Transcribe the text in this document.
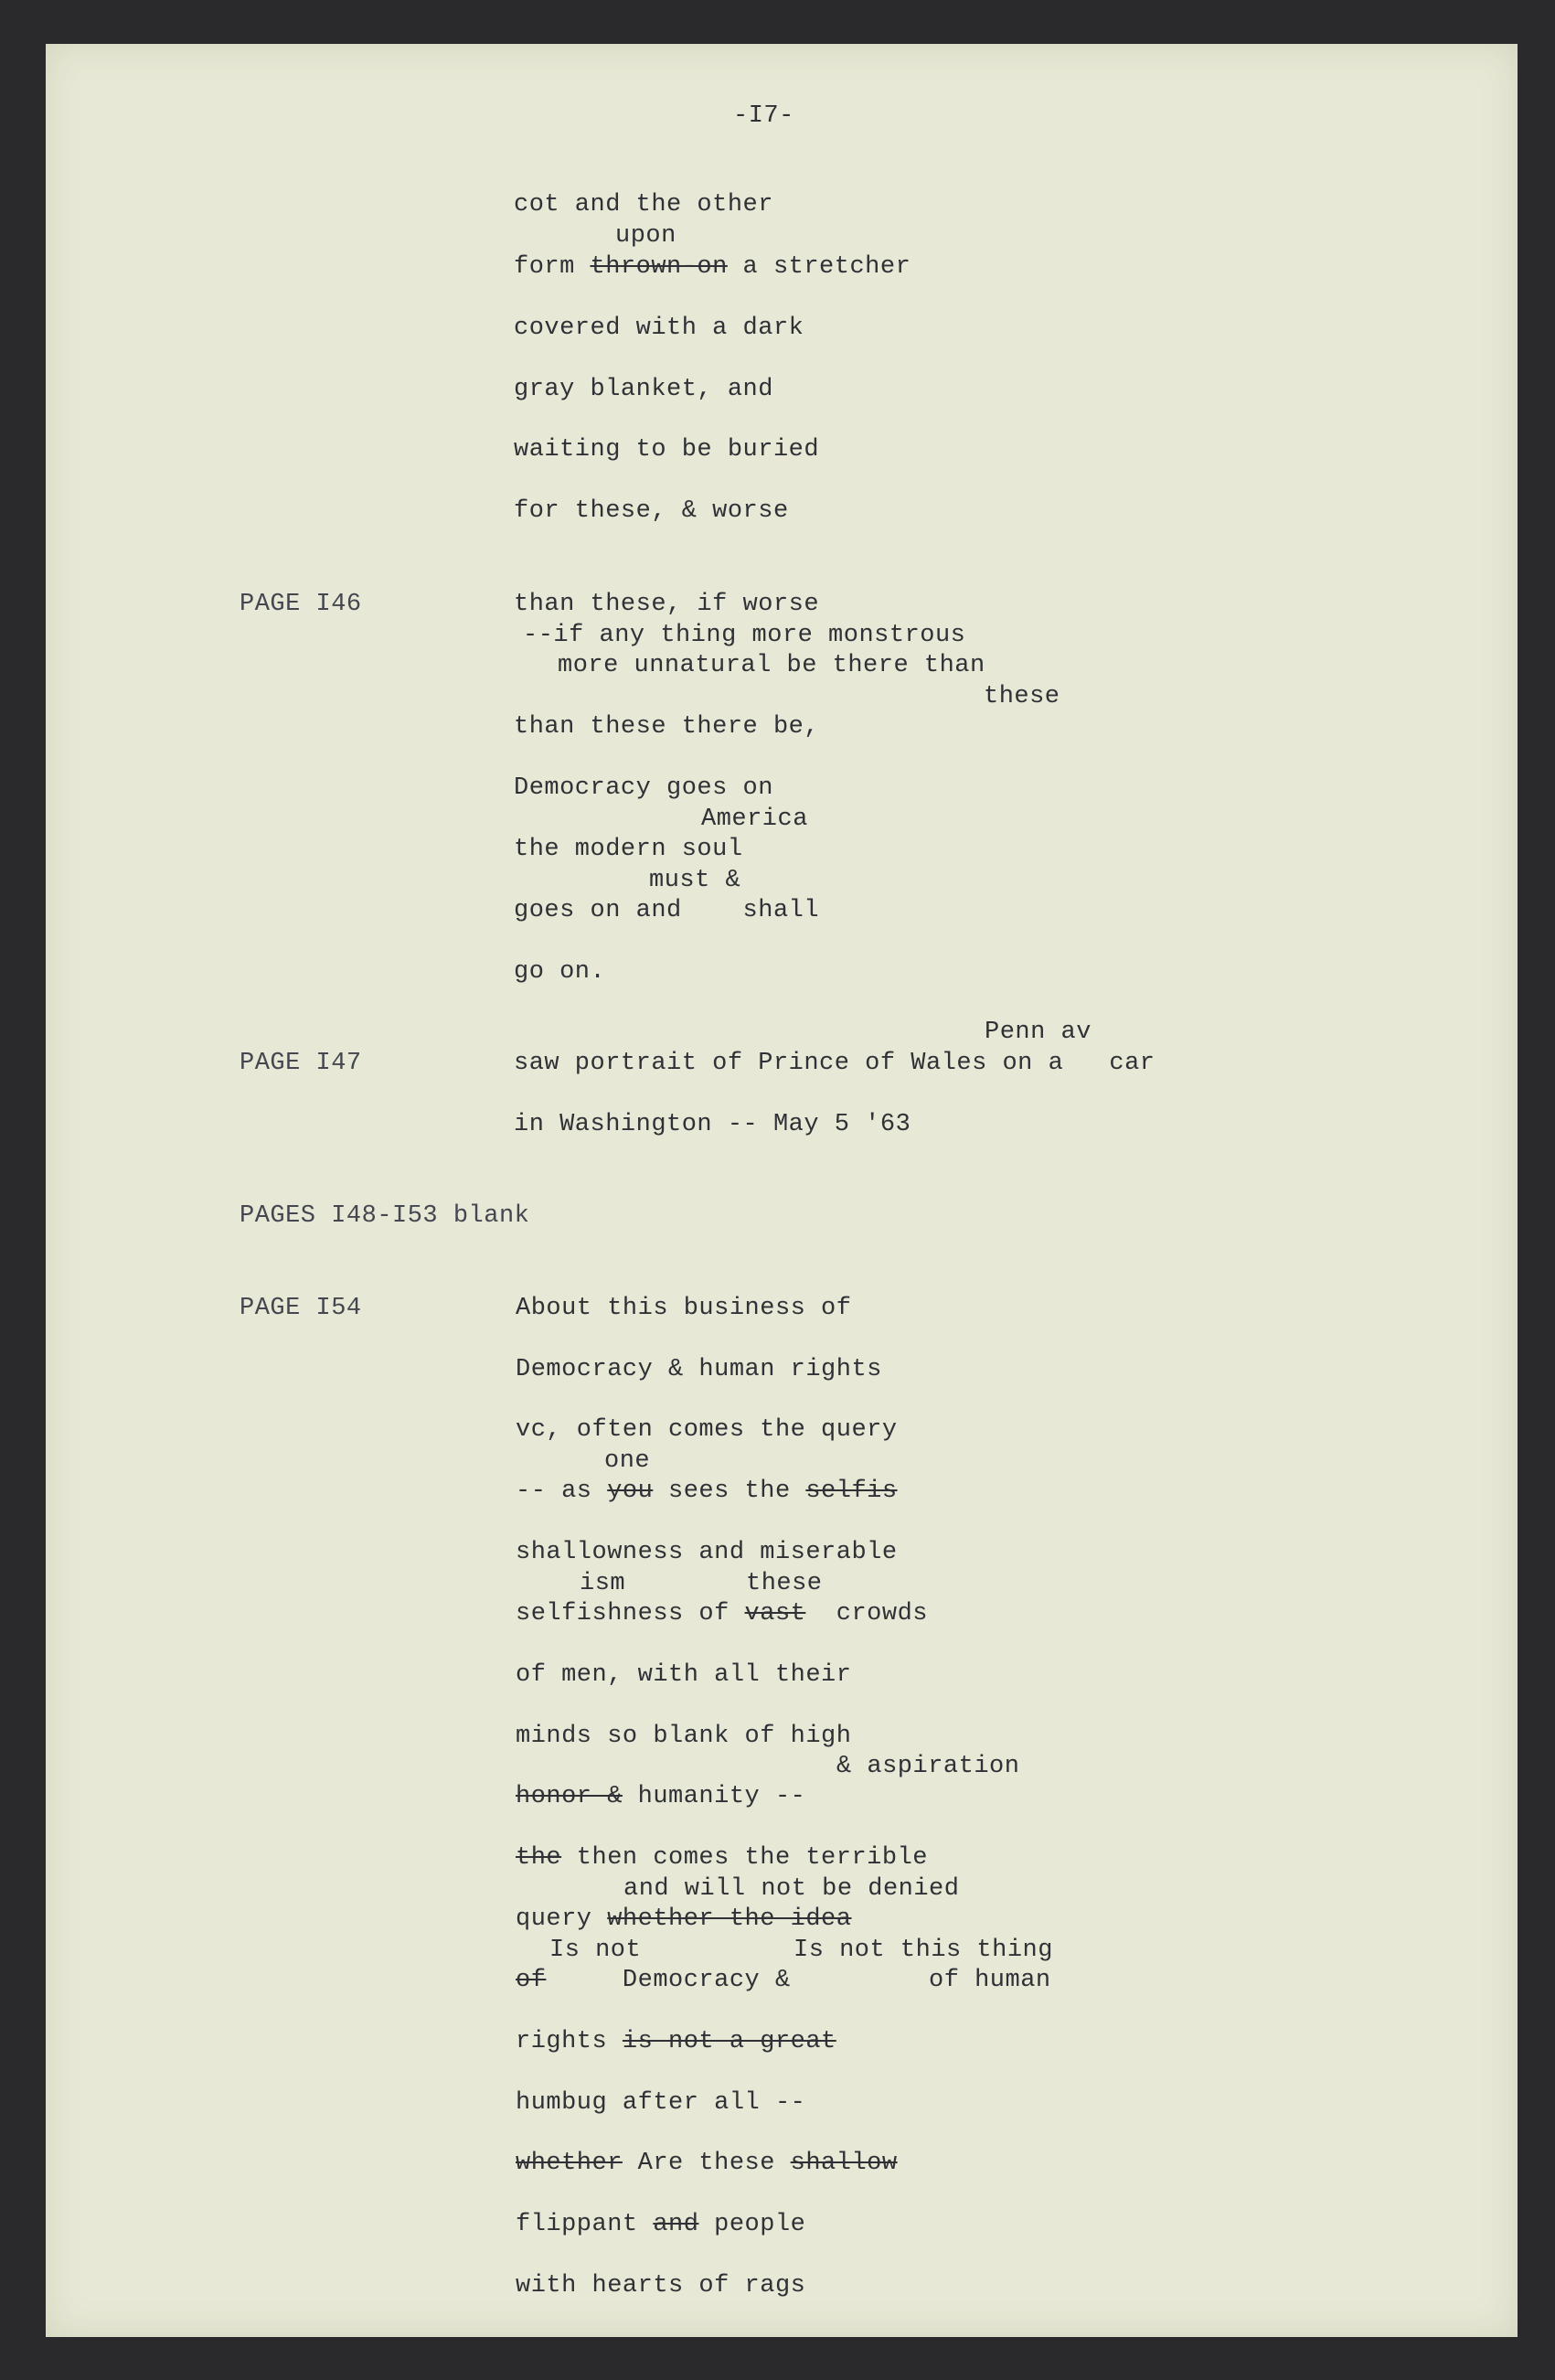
-I7-
cot and the other
upon
form thrown-on a stretcher
covered with a dark
gray blanket, and
waiting to be buried
for these, & worse
PAGE I46	than these, if worse
--if any thing more monstrous
more unnatural be there than
these
than these there be,
Democracy goes on
America
the modern soul
must &
goes on and    shall
go on.
Penn av
PAGE I47	saw portrait of Prince of Wales on a   car
in Washington -- May 5 '63
PAGES I48-I53 blank
PAGE I54	About this business of
Democracy & human rights
vc, often comes the query
one
-- as you sees the selfis
shallowness and miserable
ism	these
selfishness of vast  crowds
of men, with all their
minds so blank of high
& aspiration
honor & humanity --
the then comes the terrible
and will not be denied
query whether the idea
Is not	Is not this thing
of     Democracy &	of human
rights is not a great
humbug after all --
whether Are these shallow
flippant and people
with hearts of rags
